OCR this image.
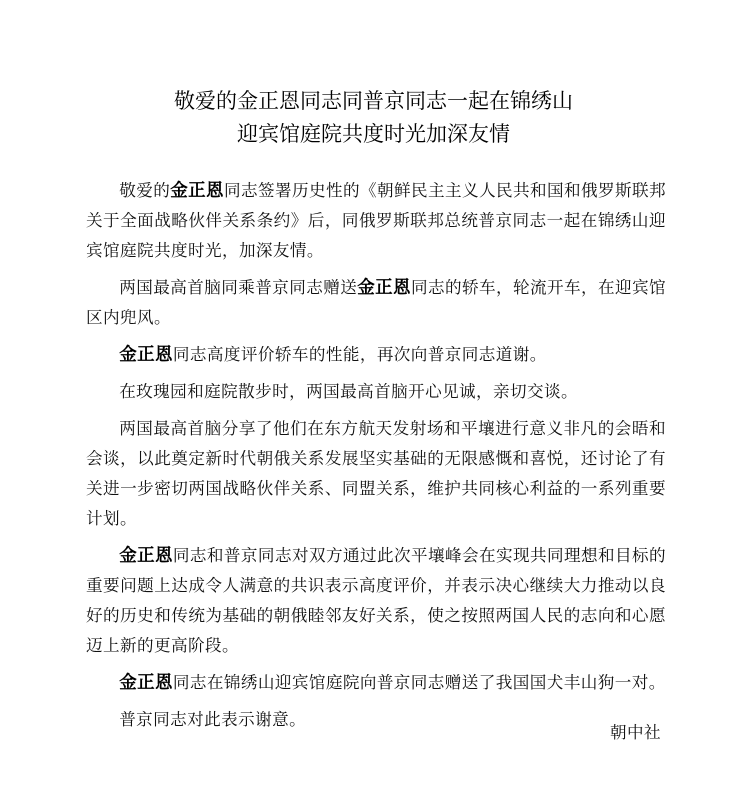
敬爱的金正恩同志同普京同志一起在锦绣山
迎宾馆庭院共度时光加深友情

敬爱的金正恩同志签署历史性的《朝鲜民主主义人民共和国和俄罗斯联邦关于全面战略伙伴关系条约》后，同俄罗斯联邦总统普京同志一起在锦绣山迎宾馆庭院共度时光，加深友情。

两国最高首脑同乘普京同志赠送金正恩同志的轿车，轮流开车，在迎宾馆区内兜风。

金正恩同志高度评价轿车的性能，再次向普京同志道谢。

在玫瑰园和庭院散步时，两国最高首脑开心见诚，亲切交谈。

两国最高首脑分享了他们在东方航天发射场和平壤进行意义非凡的会晤和会谈，以此奠定新时代朝俄关系发展坚实基础的无限感慨和喜悦，还讨论了有关进一步密切两国战略伙伴关系、同盟关系，维护共同核心利益的一系列重要计划。

金正恩同志和普京同志对双方通过此次平壤峰会在实现共同理想和目标的重要问题上达成令人满意的共识表示高度评价，并表示决心继续大力推动以良好的历史和传统为基础的朝俄睦邻友好关系，使之按照两国人民的志向和心愿迈上新的更高阶段。

金正恩同志在锦绣山迎宾馆庭院向普京同志赠送了我国国犬丰山狗一对。

普京同志对此表示谢意。

朝中社
